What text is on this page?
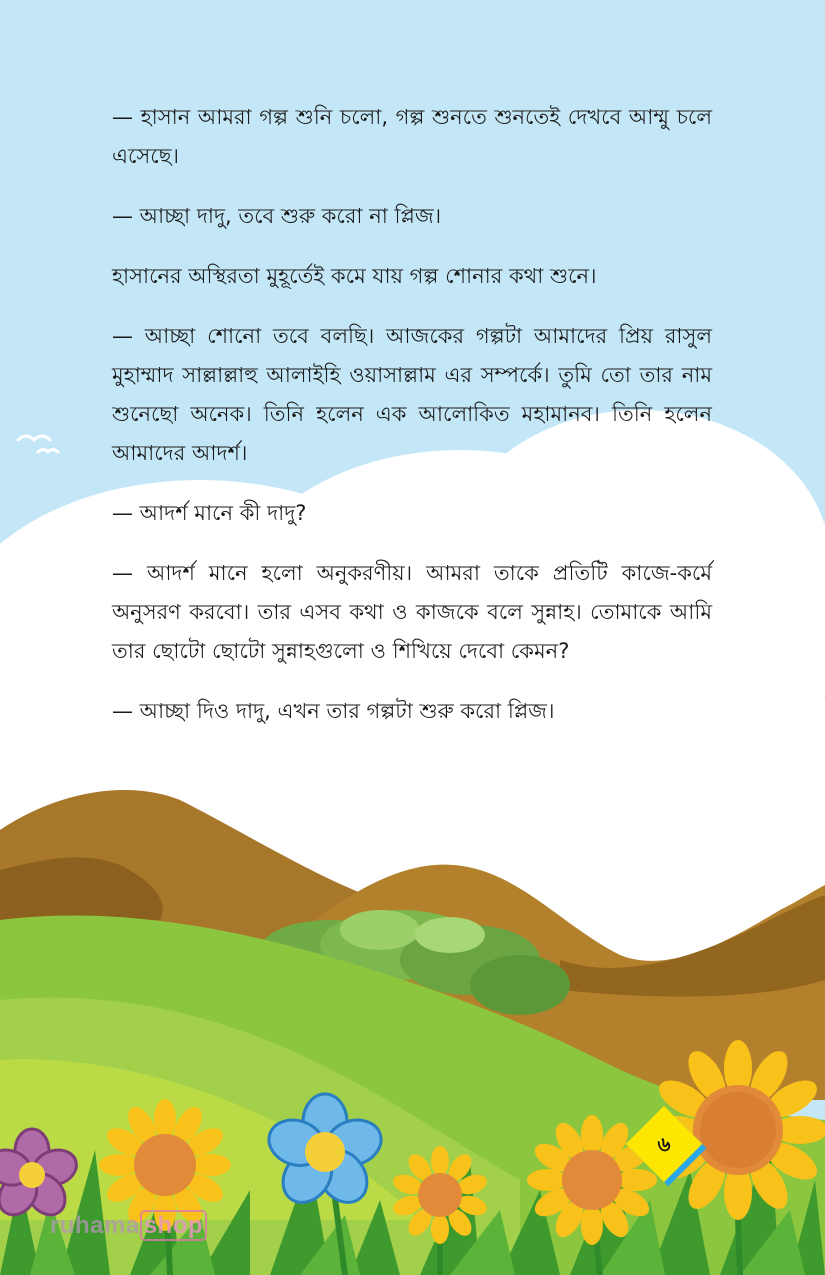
— হাসান আমরা গল্প শুনি চলো, গল্প শুনতে শুনতেই দেখবে আম্মু চলে এসেছে।

— আচ্ছা দাদু, তবে শুরু করো না প্লিজ।

হাসানের অস্থিরতা মুহূর্তেই কমে যায় গল্প শোনার কথা শুনে।

— আচ্ছা শোনো তবে বলছি। আজকের গল্পটা আমাদের প্রিয় রাসুল মুহাম্মাদ সাল্লাল্লাহু আলাইহি ওয়াসাল্লাম এর সম্পর্কে। তুমি তো তার নাম শুনেছো অনেক। তিনি হলেন এক আলোকিত মহামানব। তিনি হলেন আমাদের আদর্শ।

— আদর্শ মানে কী দাদু?

— আদর্শ মানে হলো অনুকরণীয়। আমরা তাকে প্রতিটি কাজে-কর্মে অনুসরণ করবো। তার এসব কথা ও কাজকে বলে সুন্নাহ। তোমাকে আমি তার ছোটো ছোটো সুন্নাহগুলো ও শিখিয়ে দেবো কেমন?

— আচ্ছা দিও দাদু, এখন তার গল্পটা শুরু করো প্লিজ।

৬
ruhama shop
